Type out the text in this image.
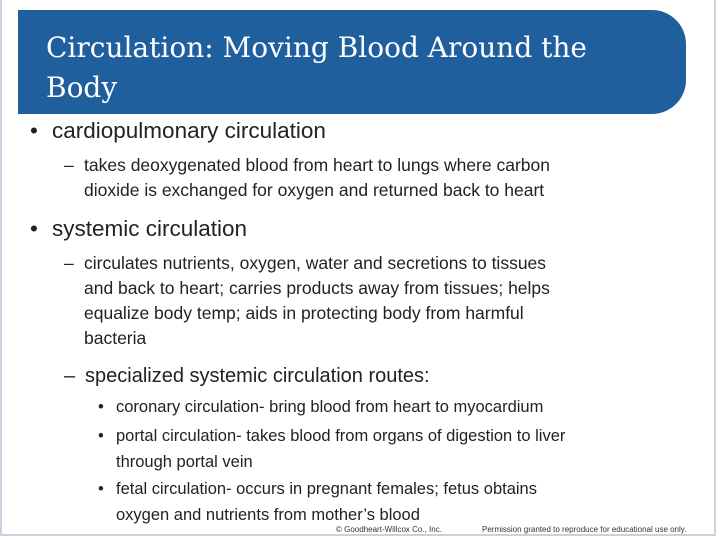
Circulation: Moving Blood Around the
Body
• cardiopulmonary circulation
– takes deoxygenated blood from heart to lungs where carbon
dioxide is exchanged for oxygen and returned back to heart
• systemic circulation
– circulates nutrients, oxygen, water and secretions to tissues
and back to heart; carries products away from tissues; helps
equalize body temp; aids in protecting body from harmful
bacteria
– specialized systemic circulation routes:
• coronary circulation- bring blood from heart to myocardium
• portal circulation- takes blood from organs of digestion to liver
through portal vein
• fetal circulation- occurs in pregnant females; fetus obtains
oxygen and nutrients from mother’s blood
© Goodheart-Willcox Co., Inc.	Permission granted to reproduce for educational use only.
